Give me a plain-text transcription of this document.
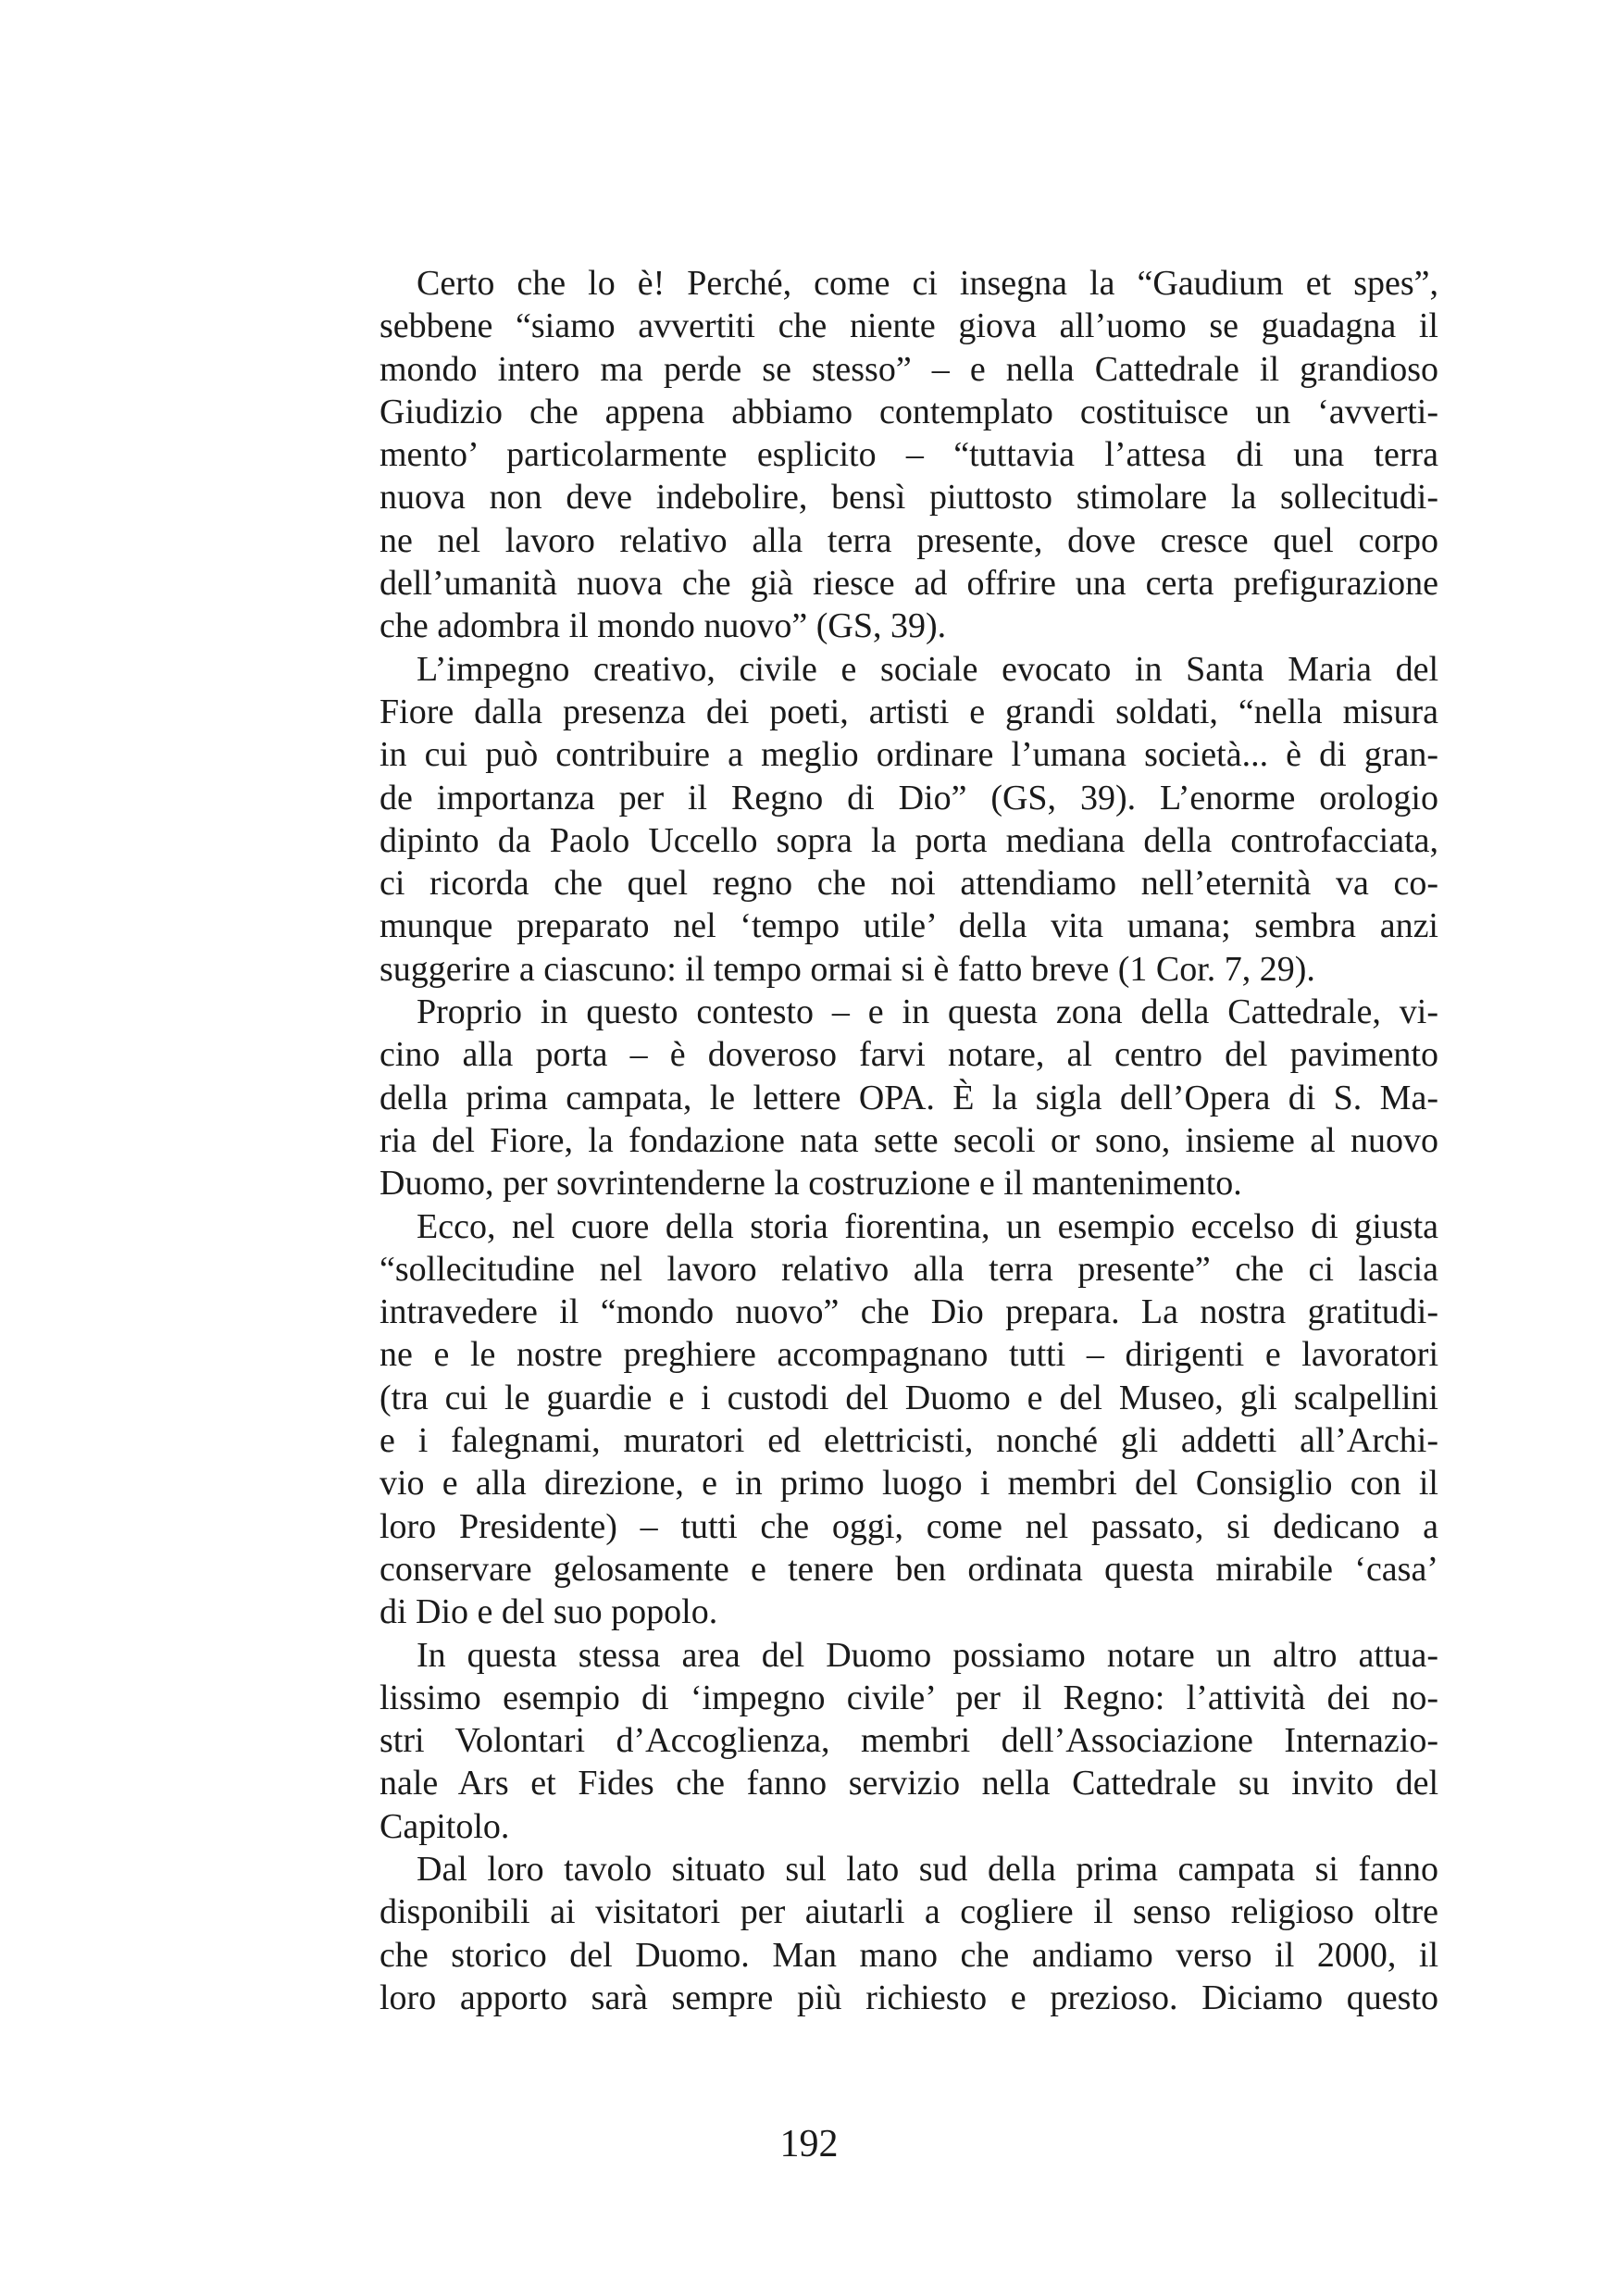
Certo che lo è! Perché, come ci insegna la “Gaudium et spes”,
sebbene “siamo avvertiti che niente giova all’uomo se guadagna il
mondo intero ma perde se stesso” – e nella Cattedrale il grandioso
Giudizio che appena abbiamo contemplato costituisce un ‘avverti-
mento’ particolarmente esplicito – “tuttavia l’attesa di una terra
nuova non deve indebolire, bensì piuttosto stimolare la sollecitudi-
ne nel lavoro relativo alla terra presente, dove cresce quel corpo
dell’umanità nuova che già riesce ad offrire una certa prefigurazione
che adombra il mondo nuovo” (GS, 39).
L’impegno creativo, civile e sociale evocato in Santa Maria del
Fiore dalla presenza dei poeti, artisti e grandi soldati, “nella misura
in cui può contribuire a meglio ordinare l’umana società... è di gran-
de importanza per il Regno di Dio” (GS, 39). L’enorme orologio
dipinto da Paolo Uccello sopra la porta mediana della controfacciata,
ci ricorda che quel regno che noi attendiamo nell’eternità va co-
munque preparato nel ‘tempo utile’ della vita umana; sembra anzi
suggerire a ciascuno: il tempo ormai si è fatto breve (1 Cor. 7, 29).
Proprio in questo contesto – e in questa zona della Cattedrale, vi-
cino alla porta – è doveroso farvi notare, al centro del pavimento
della prima campata, le lettere OPA. È la sigla dell’Opera di S. Ma-
ria del Fiore, la fondazione nata sette secoli or sono, insieme al nuovo
Duomo, per sovrintenderne la costruzione e il mantenimento.
Ecco, nel cuore della storia fiorentina, un esempio eccelso di giusta
“sollecitudine nel lavoro relativo alla terra presente” che ci lascia
intravedere il “mondo nuovo” che Dio prepara. La nostra gratitudi-
ne e le nostre preghiere accompagnano tutti – dirigenti e lavoratori
(tra cui le guardie e i custodi del Duomo e del Museo, gli scalpellini
e i falegnami, muratori ed elettricisti, nonché gli addetti all’Archi-
vio e alla direzione, e in primo luogo i membri del Consiglio con il
loro Presidente) – tutti che oggi, come nel passato, si dedicano a
conservare gelosamente e tenere ben ordinata questa mirabile ‘casa’
di Dio e del suo popolo.
In questa stessa area del Duomo possiamo notare un altro attua-
lissimo esempio di ‘impegno civile’ per il Regno: l’attività dei no-
stri Volontari d’Accoglienza, membri dell’Associazione Internazio-
nale Ars et Fides che fanno servizio nella Cattedrale su invito del
Capitolo.
Dal loro tavolo situato sul lato sud della prima campata si fanno
disponibili ai visitatori per aiutarli a cogliere il senso religioso oltre
che storico del Duomo. Man mano che andiamo verso il 2000, il
loro apporto sarà sempre più richiesto e prezioso. Diciamo questo
192
